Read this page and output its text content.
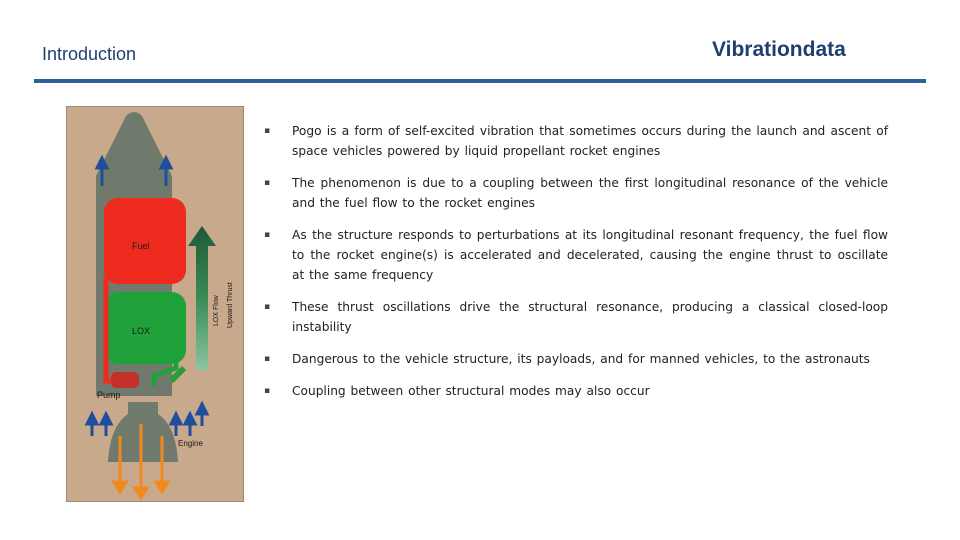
Introduction	Vibrationdata
Fuel
LOX
Pump
Engine
LOX Flow Upward Thrust
▪ Pogo is a form of self-excited vibration that sometimes occurs during the launch and ascent of space vehicles powered by liquid propellant rocket engines
▪ The phenomenon is due to a coupling between the first longitudinal resonance of the vehicle and the fuel flow to the rocket engines
▪ As the structure responds to perturbations at its longitudinal resonant frequency, the fuel flow to the rocket engine(s) is accelerated and decelerated, causing the engine thrust to oscillate at the same frequency
▪ These thrust oscillations drive the structural resonance, producing a classical closed-loop instability
▪ Dangerous to the vehicle structure, its payloads, and for manned vehicles, to the astronauts
▪ Coupling between other structural modes may also occur
